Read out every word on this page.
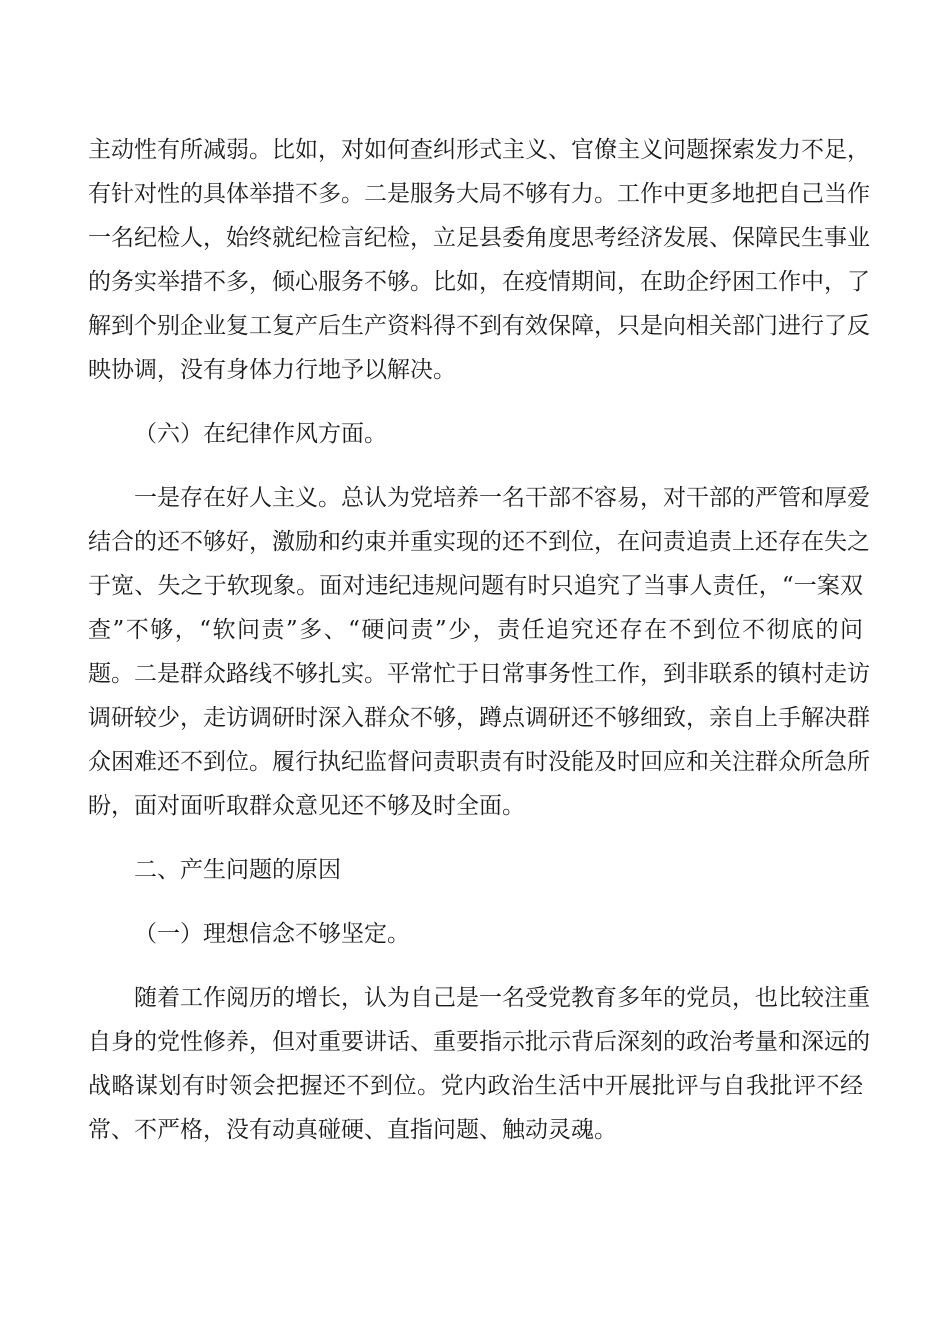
主动性有所减弱。比如，对如何查纠形式主义、官僚主义问题探索发力不足，
有针对性的具体举措不多。二是服务大局不够有力。工作中更多地把自己当作
一名纪检人，始终就纪检言纪检，立足县委角度思考经济发展、保障民生事业
的务实举措不多，倾心服务不够。比如，在疫情期间，在助企纾困工作中，了
解到个别企业复工复产后生产资料得不到有效保障，只是向相关部门进行了反
映协调，没有身体力行地予以解决。
（六）在纪律作风方面。
一是存在好人主义。总认为党培养一名干部不容易，对干部的严管和厚爱
结合的还不够好，激励和约束并重实现的还不到位，在问责追责上还存在失之
于宽、失之于软现象。面对违纪违规问题有时只追究了当事人责任，“一案双
查”不够，“软问责”多、“硬问责”少，责任追究还存在不到位不彻底的问
题。二是群众路线不够扎实。平常忙于日常事务性工作，到非联系的镇村走访
调研较少，走访调研时深入群众不够，蹲点调研还不够细致，亲自上手解决群
众困难还不到位。履行执纪监督问责职责有时没能及时回应和关注群众所急所
盼，面对面听取群众意见还不够及时全面。
二、产生问题的原因
（一）理想信念不够坚定。
随着工作阅历的增长，认为自己是一名受党教育多年的党员，也比较注重
自身的党性修养，但对重要讲话、重要指示批示背后深刻的政治考量和深远的
战略谋划有时领会把握还不到位。党内政治生活中开展批评与自我批评不经
常、不严格，没有动真碰硬、直指问题、触动灵魂。
